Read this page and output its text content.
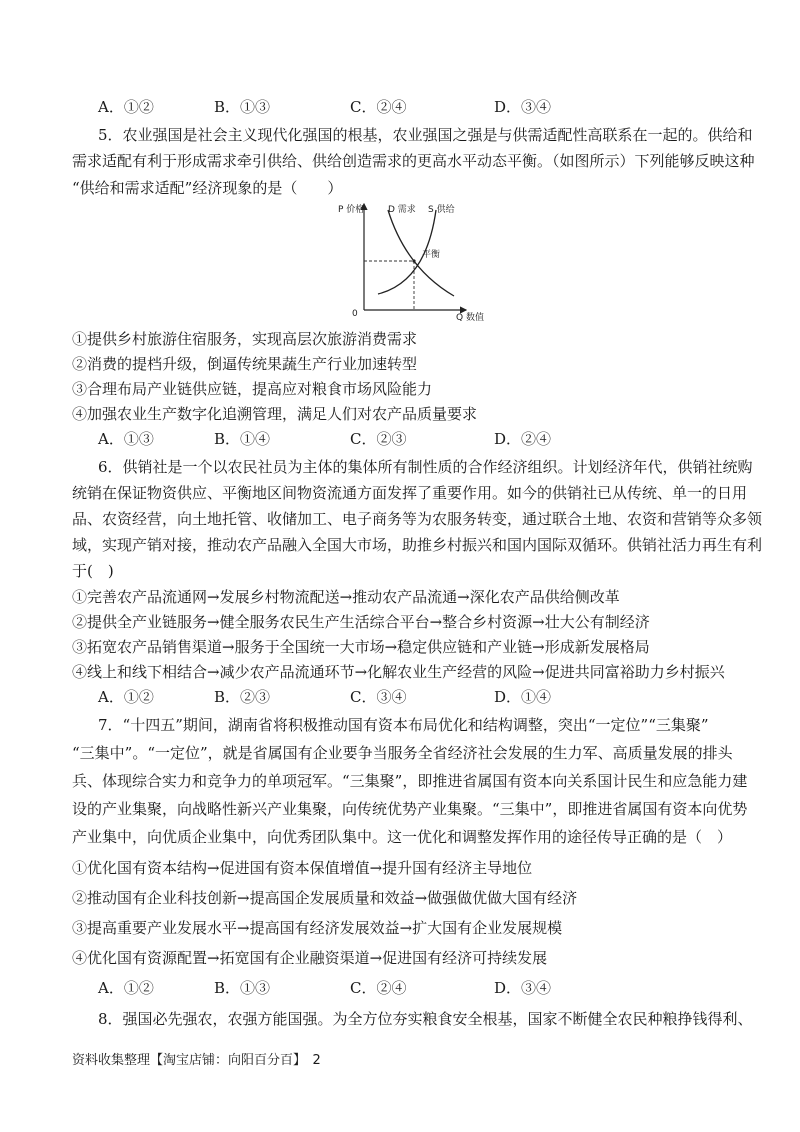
A．①②	B．①③	C．②④	D．③④
5．农业强国是社会主义现代化强国的根基，农业强国之强是与供需适配性高联系在一起的。供给和
需求适配有利于形成需求牵引供给、供给创造需求的更高水平动态平衡。（如图所示）下列能够反映这种
“供给和需求适配”经济现象的是（　　）
P 价格	D 需求 S 供给
平衡
Q 数值
0
①提供乡村旅游住宿服务，实现高层次旅游消费需求
②消费的提档升级，倒逼传统果蔬生产行业加速转型
③合理布局产业链供应链，提高应对粮食市场风险能力
④加强农业生产数字化追溯管理，满足人们对农产品质量要求
A．①③	B．①④	C．②③	D．②④
6．供销社是一个以农民社员为主体的集体所有制性质的合作经济组织。计划经济年代，供销社统购
统销在保证物资供应、平衡地区间物资流通方面发挥了重要作用。如今的供销社已从传统、单一的日用
品、农资经营，向土地托管、收储加工、电子商务等为农服务转变，通过联合土地、农资和营销等众多领
域，实现产销对接，推动农产品融入全国大市场，助推乡村振兴和国内国际双循环。供销社活力再生有利
于(　)
①完善农产品流通网→发展乡村物流配送→推动农产品流通→深化农产品供给侧改革
②提供全产业链服务→健全服务农民生产生活综合平台→整合乡村资源→壮大公有制经济
③拓宽农产品销售渠道→服务于全国统一大市场→稳定供应链和产业链→形成新发展格局
④线上和线下相结合→减少农产品流通环节→化解农业生产经营的风险→促进共同富裕助力乡村振兴
A．①②	B．②③	C．③④	D．①④
7．“十四五”期间，湖南省将积极推动国有资本布局优化和结构调整，突出“一定位”“三集聚”
“三集中”。“一定位”，就是省属国有企业要争当服务全省经济社会发展的生力军、高质量发展的排头
兵、体现综合实力和竞争力的单项冠军。“三集聚”，即推进省属国有资本向关系国计民生和应急能力建
设的产业集聚，向战略性新兴产业集聚，向传统优势产业集聚。“三集中”，即推进省属国有资本向优势
产业集中，向优质企业集中，向优秀团队集中。这一优化和调整发挥作用的途径传导正确的是（　）
①优化国有资本结构→促进国有资本保值增值→提升国有经济主导地位
②推动国有企业科技创新→提高国企发展质量和效益→做强做优做大国有经济
③提高重要产业发展水平→提高国有经济发展效益→扩大国有企业发展规模
④优化国有资源配置→拓宽国有企业融资渠道→促进国有经济可持续发展
A．①②	B．①③	C．②④	D．③④
8．强国必先强农，农强方能国强。为全方位夯实粮食安全根基，国家不断健全农民种粮挣钱得利、
资料收集整理【淘宝店铺：向阳百分百】　2
